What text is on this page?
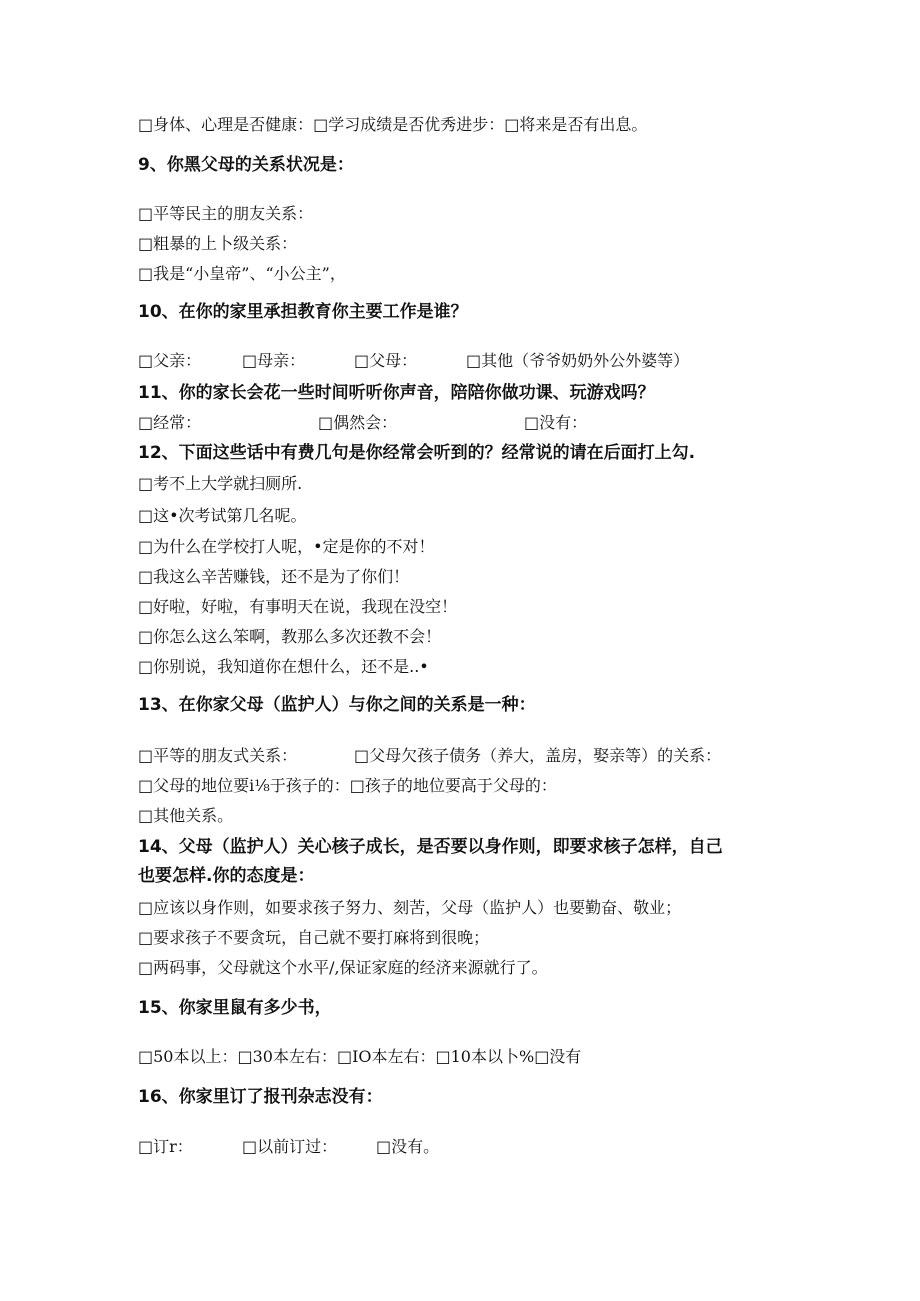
□身体、心理是否健康：□学习成绩是否优秀进步：□将来是否有出息。
9、你黑父母的关系状况是：
□平等民主的朋友关系：
□粗暴的上卜级关系：
□我是“小皇帝”、“小公主”，
10、在你的家里承担教育你主要工作是谁？
□父亲：	□母亲：	□父母：	□其他（爷爷奶奶外公外婆等）
11、你的家长会花一些时间听听你声音，陪陪你做功课、玩游戏吗？
□经常：	□偶然会：	□没有：
12、下面这些话中有费几句是你经常会听到的？经常说的请在后面打上勾.
□考不上大学就扫厕所.
□这•次考试第几名呢。
□为什么在学校打人呢，•定是你的不对！
□我这么辛苦赚钱，还不是为了你们！
□好啦，好啦，有事明天在说，我现在没空！
□你怎么这么笨啊，教那么多次还教不会！
□你别说，我知道你在想什么，还不是..•
13、在你家父母（监护人）与你之间的关系是一种：
□平等的朋友式关系：	□父母欠孩子债务（养大，盖房，娶亲等）的关系：
□父母的地位要i⅛于孩子的：□孩子的地位要高于父母的：
□其他关系。
14、父母（监护人）关心核子成长，是否要以身作则，即要求核子怎样，自己
也要怎样.你的态度是：
□应该以身作则，如要求孩子努力、刻苦，父母（监护人）也要勤奋、敬业；
□要求孩子不要贪玩，自己就不要打麻将到很晚；
□两码事，父母就这个水平/,保证家庭的经济来源就行了。
15、你家里鼠有多少书，
□50本以上：□30本左右：□IO本左右：□10本以卜%□没有
16、你家里订了报刊杂志没有：
□订r：	□以前订过： □没有。
